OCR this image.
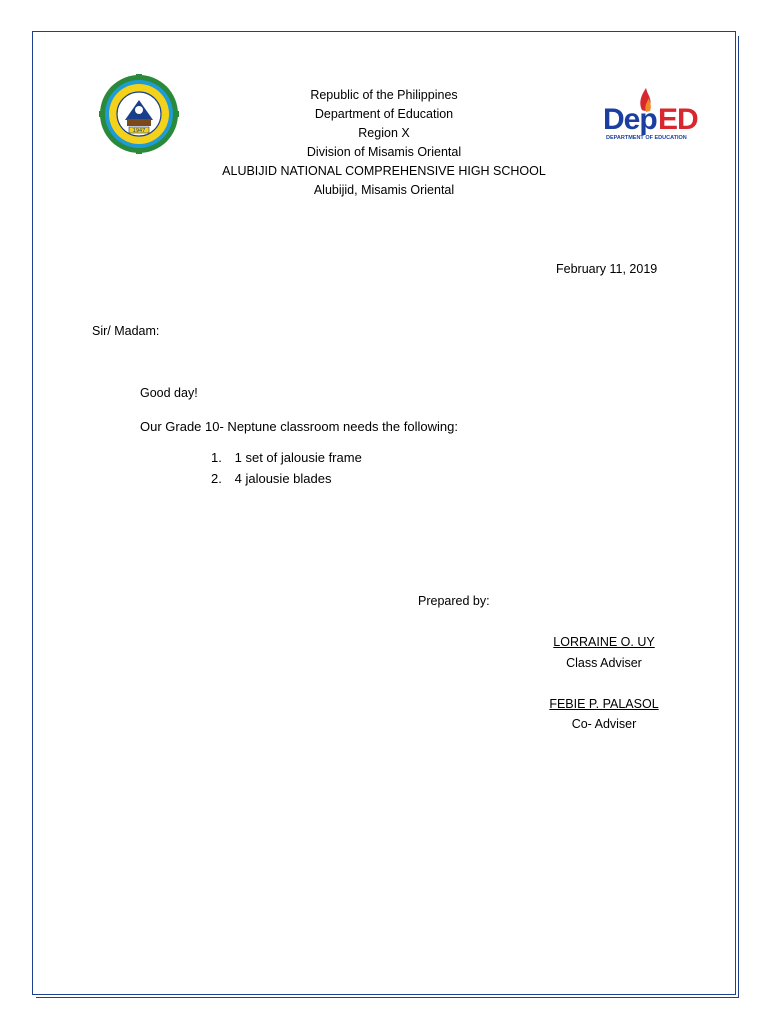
1947	Dep ED
DEPARTMENT OF EDUCATION
Republic of the Philippines
Department of Education
Region X
Division of Misamis Oriental
ALUBIJID NATIONAL COMPREHENSIVE HIGH SCHOOL
Alubijid, Misamis Oriental
February 11, 2019
Sir/ Madam:
Good day!
Our Grade 10- Neptune classroom needs the following:
1. 1 set of jalousie frame
2. 4 jalousie blades
Prepared by:
LORRAINE O. UY
Class Adviser
FEBIE P. PALASOL
Co- Adviser
